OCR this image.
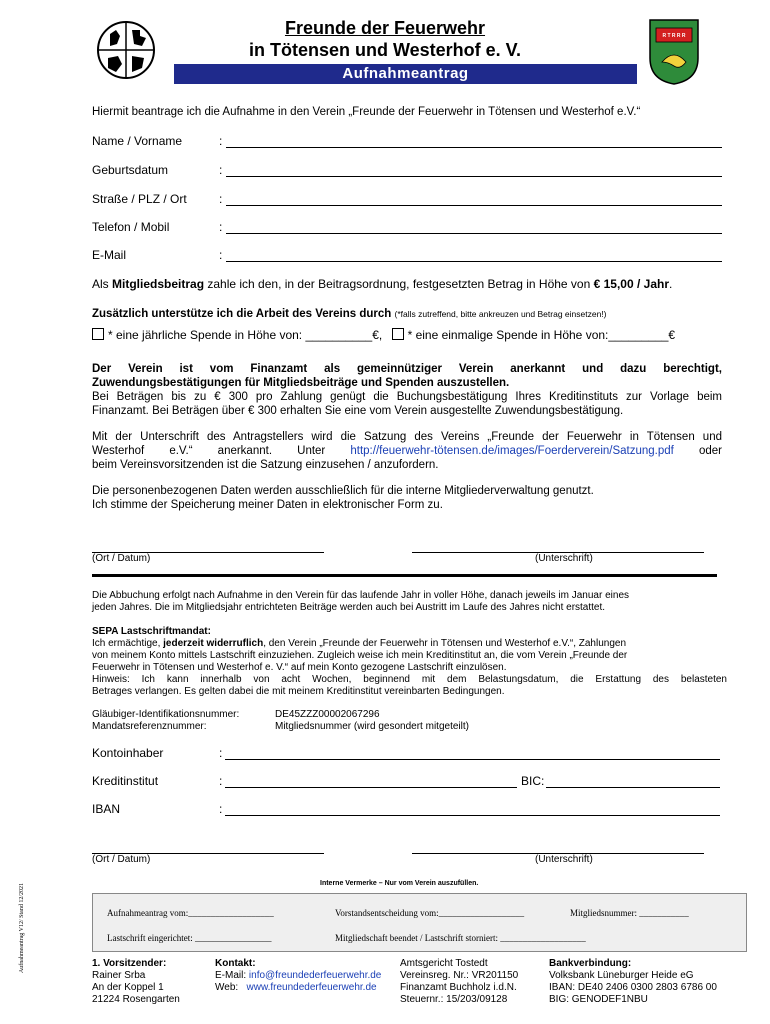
Freunde der Feuerwehr
in Tötensen und Westerhof e. V.
Aufnahmeantrag
R T R R R
Hiermit beantrage ich die Aufnahme in den Verein „Freunde der Feuerwehr in Tötensen und Westerhof e.V.“
Name / Vorname	:
Geburtsdatum	:
Straße / PLZ / Ort	:
Telefon / Mobil	:
E-Mail	:
Als Mitgliedsbeitrag zahle ich den, in der Beitragsordnung, festgesetzten Betrag in Höhe von € 15,00 / Jahr.
Zusätzlich unterstütze ich die Arbeit des Vereins durch (*falls zutreffend, bitte ankreuzen und Betrag einsetzen!)
* eine jährliche Spende in Höhe von: __________€, * eine einmalige Spende in Höhe von:_________€
Der Verein ist vom Finanzamt als gemeinnütziger Verein anerkannt und dazu berechtigt,
Zuwendungsbestätigungen für Mitgliedsbeiträge und Spenden auszustellen.
Bei Beträgen bis zu € 300 pro Zahlung genügt die Buchungsbestätigung Ihres Kreditinstituts zur Vorlage beim
Finanzamt. Bei Beträgen über € 300 erhalten Sie eine vom Verein ausgestellte Zuwendungsbestätigung.
Mit der Unterschrift des Antragstellers wird die Satzung des Vereins „Freunde der Feuerwehr in Tötensen und
Westerhof e.V.“ anerkannt. Unter http://feuerwehr-tötensen.de/images/Foerderverein/Satzung.pdf oder
beim Vereinsvorsitzenden ist die Satzung einzusehen / anzufordern.
Die personenbezogenen Daten werden ausschließlich für die interne Mitgliederverwaltung genutzt.
Ich stimme der Speicherung meiner Daten in elektronischer Form zu.
(Ort / Datum)	(Unterschrift)
Die Abbuchung erfolgt nach Aufnahme in den Verein für das laufende Jahr in voller Höhe, danach jeweils im Januar eines
jeden Jahres. Die im Mitgliedsjahr entrichteten Beiträge werden auch bei Austritt im Laufe des Jahres nicht erstattet.
SEPA Lastschriftmandat:
Ich ermächtige, jederzeit widerruflich, den Verein „Freunde der Feuerwehr in Tötensen und Westerhof e.V.“, Zahlungen
von meinem Konto mittels Lastschrift einzuziehen. Zugleich weise ich mein Kreditinstitut an, die vom Verein „Freunde der
Feuerwehr in Tötensen und Westerhof e. V.“ auf mein Konto gezogene Lastschrift einzulösen.
Hinweis: Ich kann innerhalb von acht Wochen, beginnend mit dem Belastungsdatum, die Erstattung des belasteten
Betrages verlangen. Es gelten dabei die mit meinem Kreditinstitut vereinbarten Bedingungen.
Gläubiger-Identifikationsnummer:	DE45ZZZ00002067296
Mandatsreferenznummer:	Mitgliedsnummer (wird gesondert mitgeteilt)
Kontoinhaber	:
Kreditinstitut	:	BIC:
IBAN	:
(Ort / Datum)	(Unterschrift)
Aufnahmeantrag V12/ Stand 12/2021	Interne Vermerke – Nur vom Verein auszufüllen.
Aufnahmeantrag vom:___________________	Vorstandsentscheidung vom:___________________	Mitgliedsnummer: ___________
Lastschrift eingerichtet: _________________	Mitgliedschaft beendet / Lastschrift storniert: ___________________
1. Vorsitzender:
Rainer Srba
An der Koppel 1
21224 Rosengarten
Kontakt:
E-Mail: info@freundederfeuerwehr.de
Web:   www.freundederfeuerwehr.de
Amtsgericht Tostedt
Vereinsreg. Nr.: VR201150
Finanzamt Buchholz i.d.N.
Steuernr.: 15/203/09128
Bankverbindung:
Volksbank Lüneburger Heide eG
IBAN: DE40 2406 0300 2803 6786 00
BIG: GENODEF1NBU
